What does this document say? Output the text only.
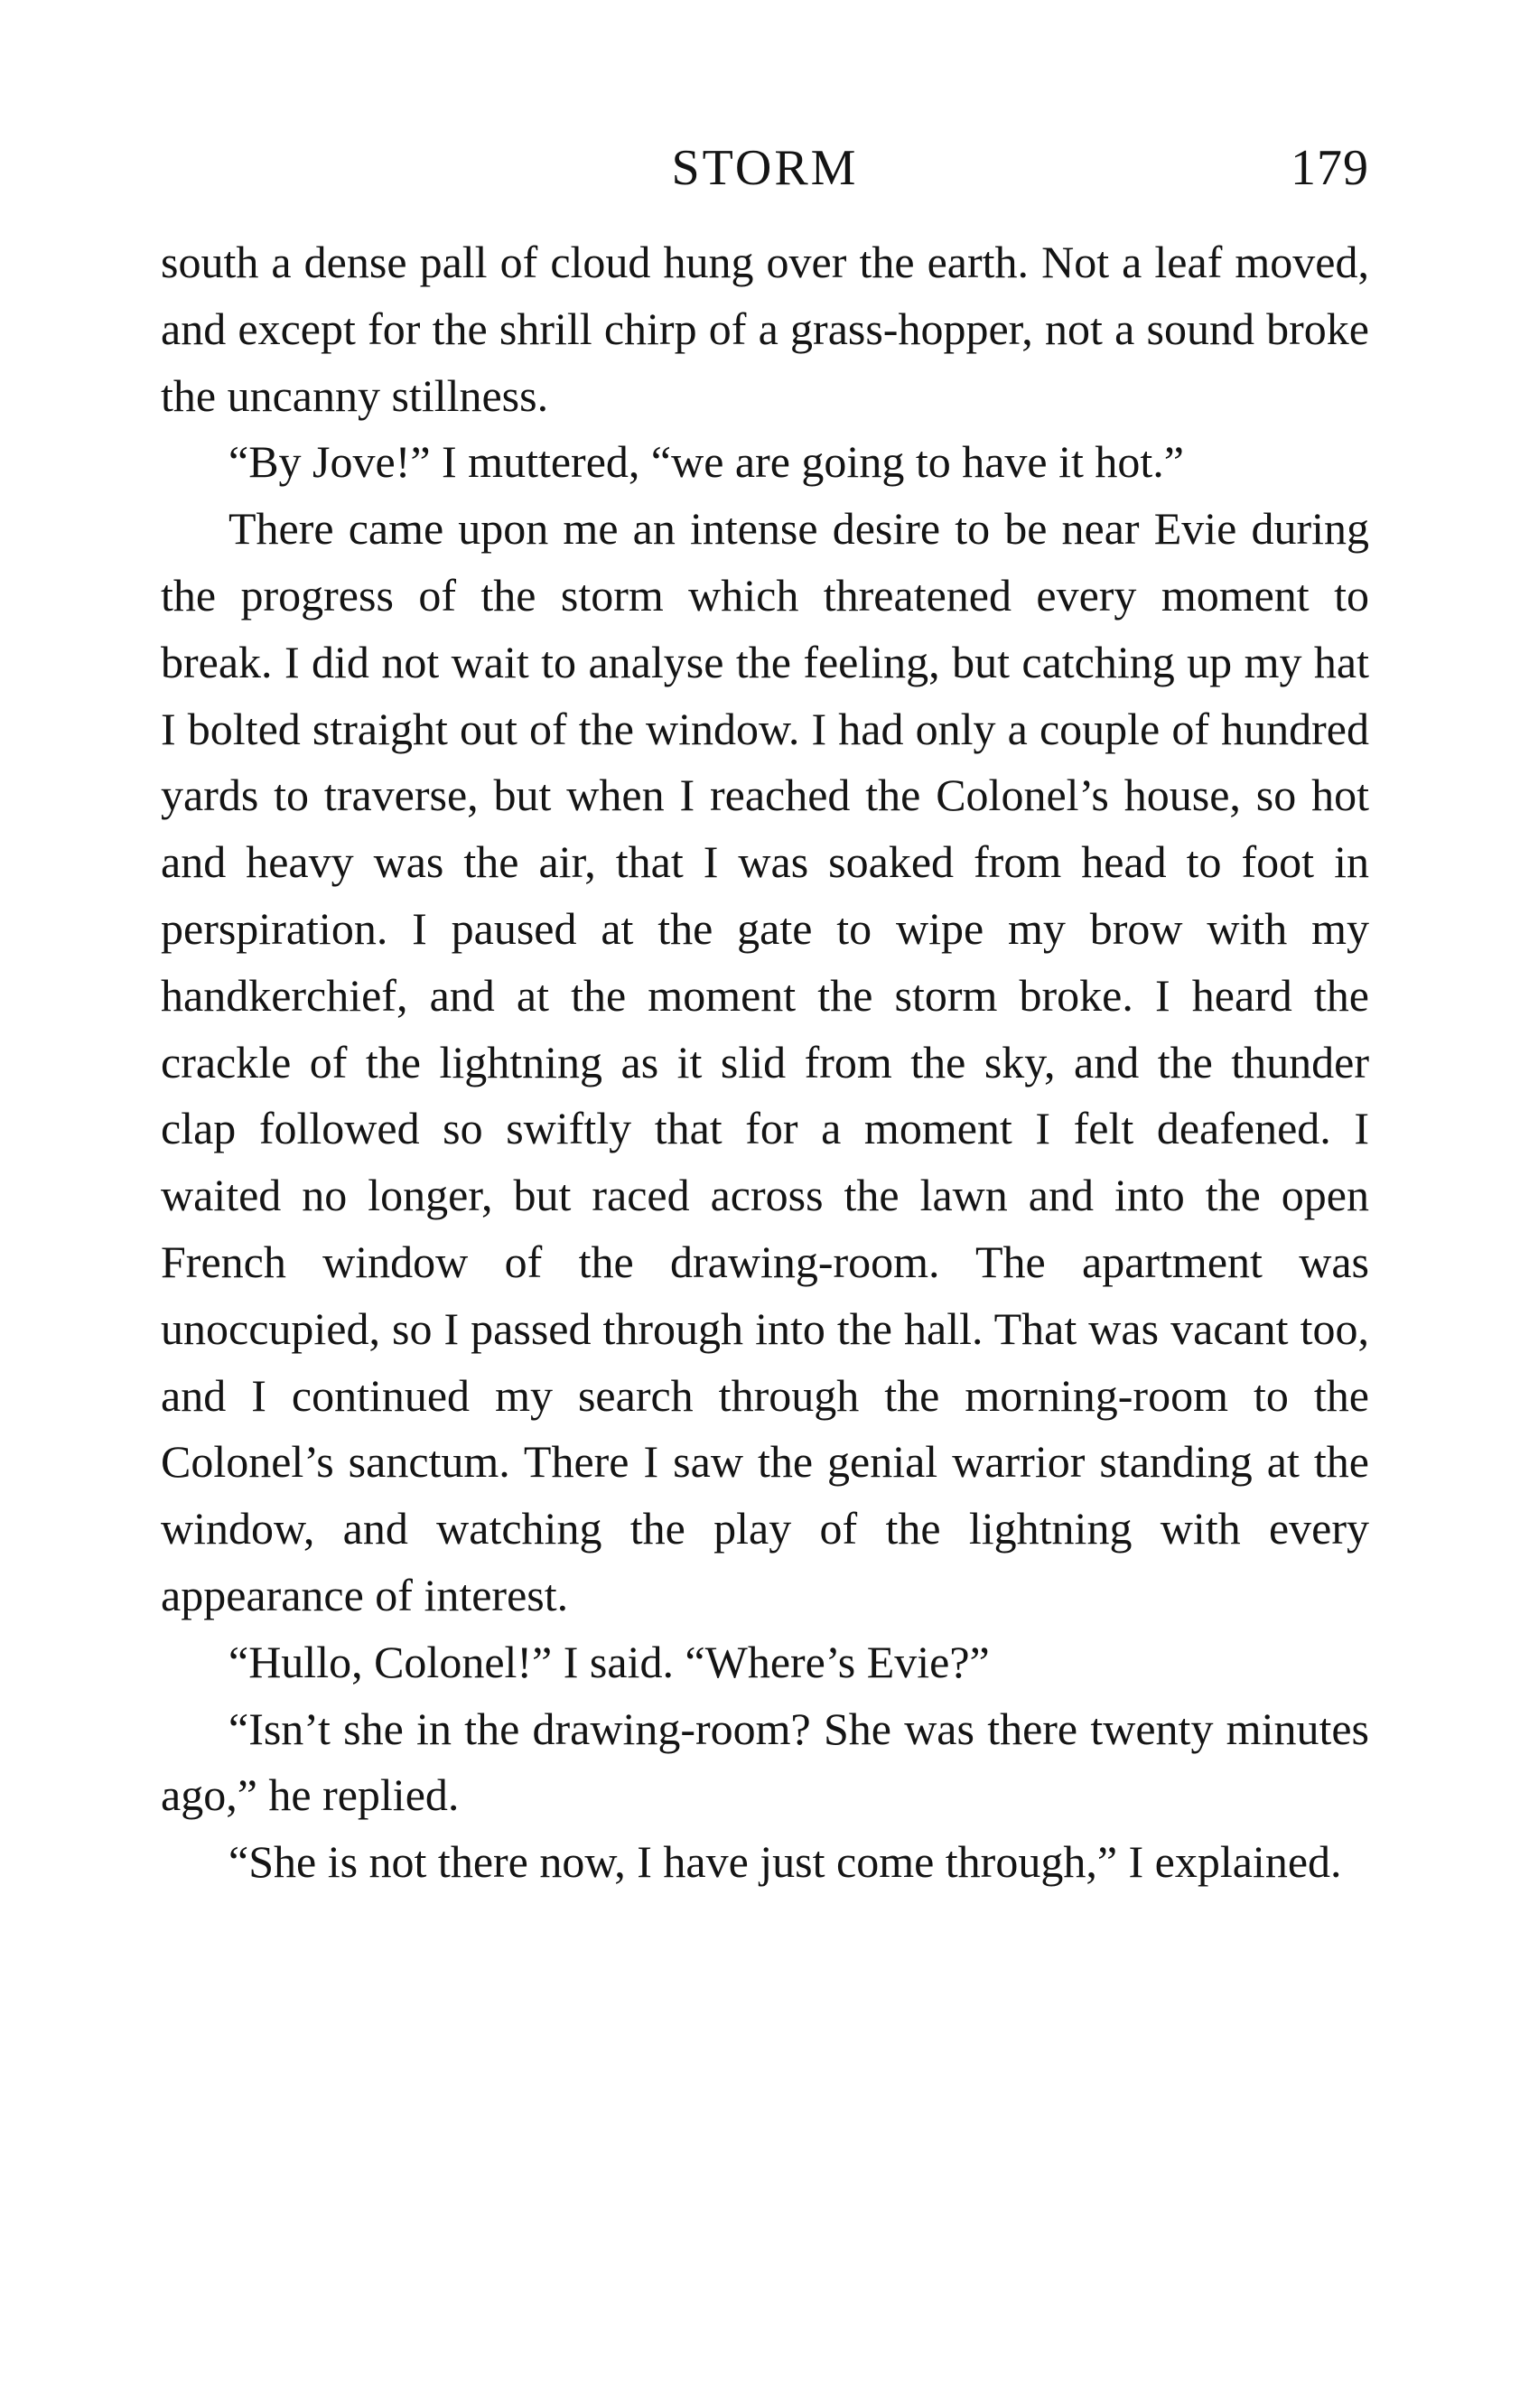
STORM	179

south a dense pall of cloud hung over the earth. Not a leaf moved, and except for the shrill chirp of a grass-hopper, not a sound broke the uncanny stillness.

“By Jove!” I muttered, “we are going to have it hot.”

There came upon me an intense desire to be near Evie during the progress of the storm which threatened every moment to break. I did not wait to analyse the feeling, but catching up my hat I bolted straight out of the window. I had only a couple of hundred yards to traverse, but when I reached the Colonel’s house, so hot and heavy was the air, that I was soaked from head to foot in perspiration. I paused at the gate to wipe my brow with my handkerchief, and at the moment the storm broke. I heard the crackle of the lightning as it slid from the sky, and the thunder clap followed so swiftly that for a moment I felt deafened. I waited no longer, but raced across the lawn and into the open French window of the drawing-room. The apartment was unoccupied, so I passed through into the hall. That was vacant too, and I continued my search through the morning-room to the Colonel’s sanctum. There I saw the genial warrior standing at the window, and watching the play of the lightning with every appearance of interest.

“Hullo, Colonel!” I said. “Where’s Evie?”

“Isn’t she in the drawing-room? She was there twenty minutes ago,” he replied.

“She is not there now, I have just come through,” I explained.
